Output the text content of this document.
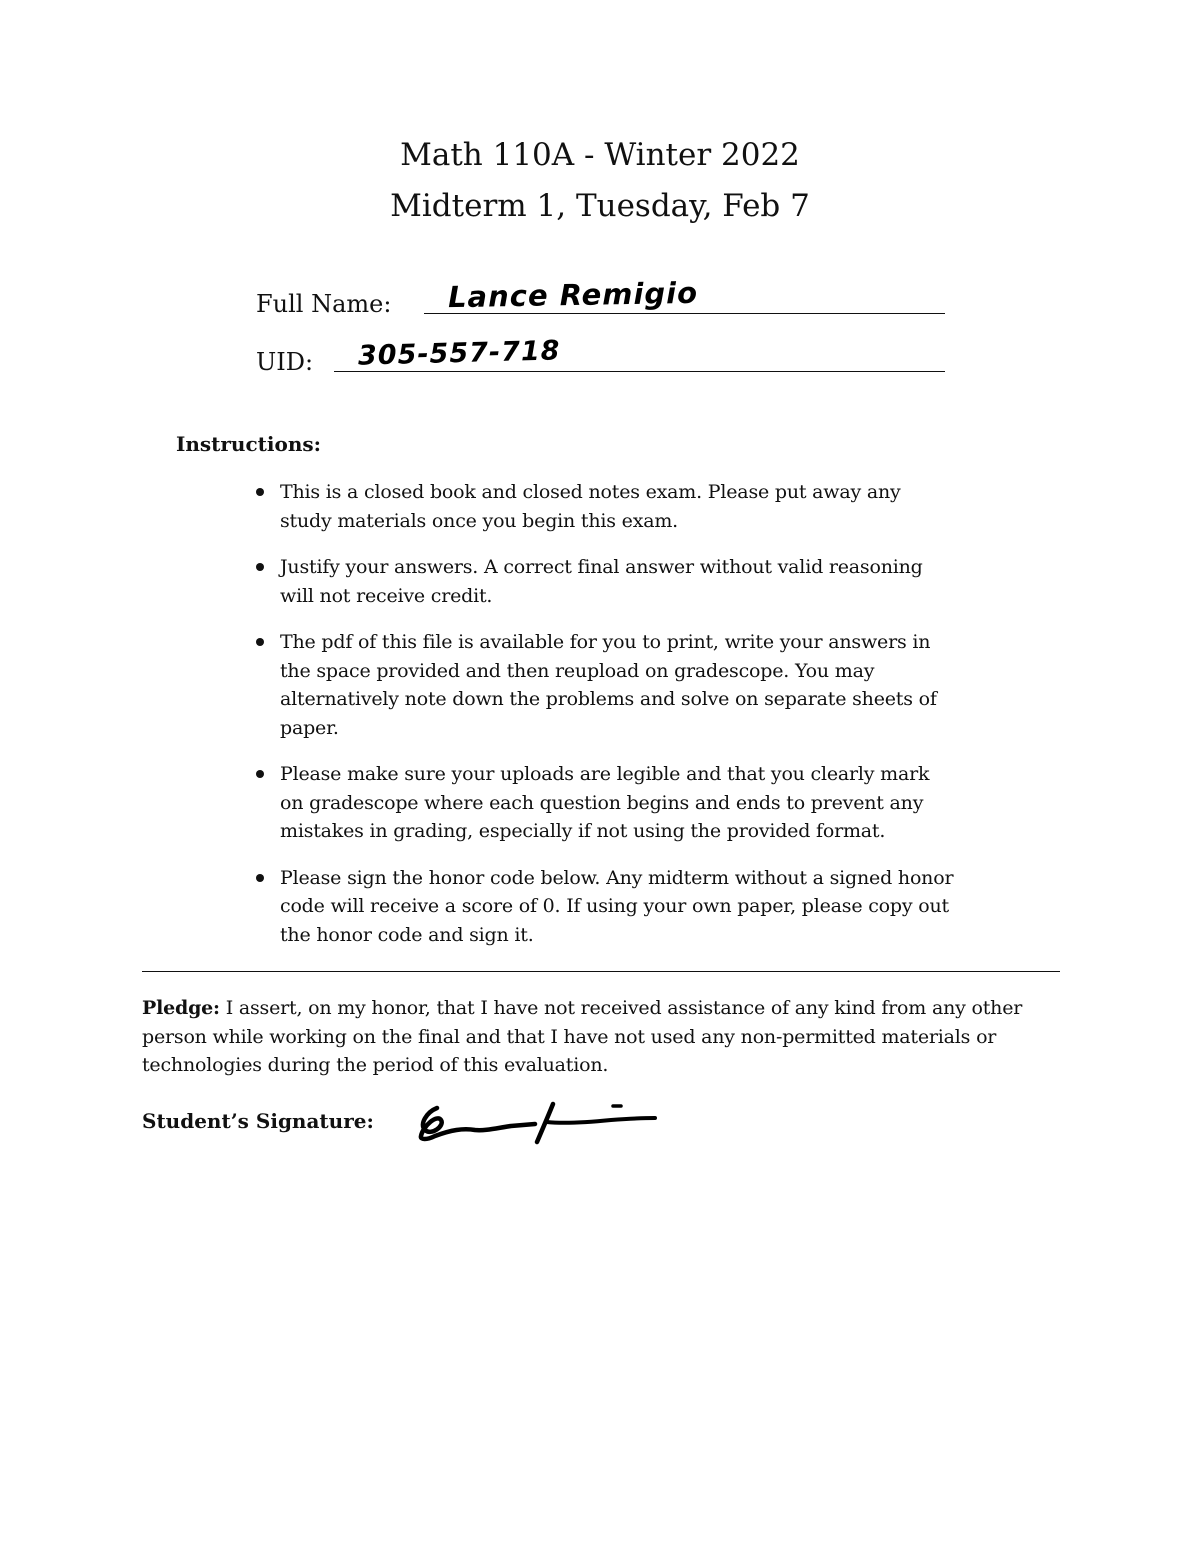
Math 110A - Winter 2022
Midterm 1, Tuesday, Feb 7
Full Name: Lance Remigio
UID: 305-557-718
Instructions:
This is a closed book and closed notes exam. Please put away any study materials once you begin this exam.
Justify your answers. A correct final answer without valid reasoning will not receive credit.
The pdf of this file is available for you to print, write your answers in the space provided and then reupload on gradescope. You may alternatively note down the problems and solve on separate sheets of paper.
Please make sure your uploads are legible and that you clearly mark on gradescope where each question begins and ends to prevent any mistakes in grading, especially if not using the provided format.
Please sign the honor code below. Any midterm without a signed honor code will receive a score of 0. If using your own paper, please copy out the honor code and sign it.

Pledge: I assert, on my honor, that I have not received assistance of any kind from any other person while working on the final and that I have not used any non-permitted materials or technologies during the period of this evaluation.

Student’s Signature:
